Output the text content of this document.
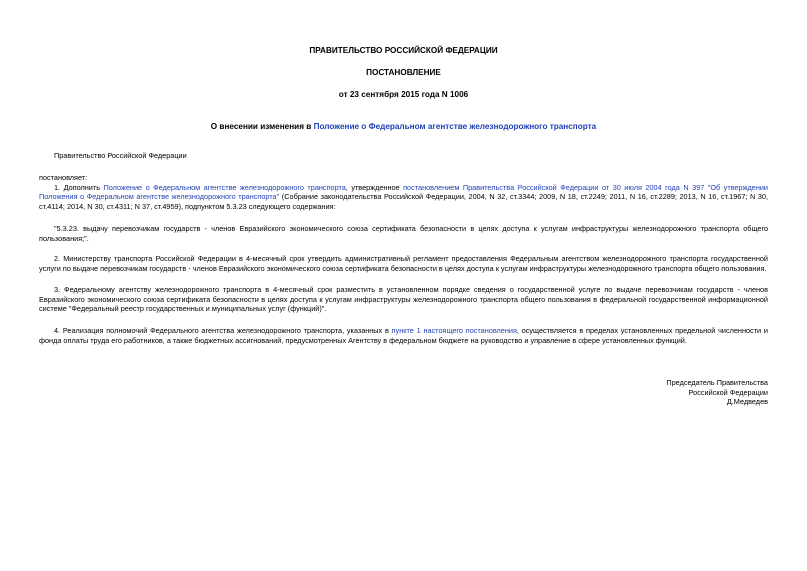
ПРАВИТЕЛЬСТВО РОССИЙСКОЙ ФЕДЕРАЦИИ
ПОСТАНОВЛЕНИЕ
от 23 сентября 2015 года N 1006
О внесении изменения в Положение о Федеральном агентстве железнодорожного транспорта

Правительство Российской Федерации

постановляет:

1. Дополнить Положение о Федеральном агентстве железнодорожного транспорта, утвержденное постановлением Правительства Российской Федерации от 30 июля 2004 года N 397 "Об утверждении Положения о Федеральном агентстве железнодорожного транспорта" (Собрание законодательства Российской Федерации, 2004, N 32, ст.3344; 2009, N 18, ст.2249; 2011, N 16, ст.2289; 2013, N 16, ст.1967; N 30, ст.4114; 2014, N 30, ст.4311; N 37, ст.4959), подпунктом 5.3.23 следующего содержания:

"5.3.23. выдачу перевозчикам государств - членов Евразийского экономического союза сертификата безопасности в целях доступа к услугам инфраструктуры железнодорожного транспорта общего пользования;".

2. Министерству транспорта Российской Федерации в 4-месячный срок утвердить административный регламент предоставления Федеральным агентством железнодорожного транспорта государственной услуги по выдаче перевозчикам государств - членов Евразийского экономического союза сертификата безопасности в целях доступа к услугам инфраструктуры железнодорожного транспорта общего пользования.

3. Федеральному агентству железнодорожного транспорта в 4-месячный срок разместить в установленном порядке сведения о государственной услуге по выдаче перевозчикам государств - членов Евразийского экономического союза сертификата безопасности в целях доступа к услугам инфраструктуры железнодорожного транспорта общего пользования в федеральной государственной информационной системе "Федеральный реестр государственных и муниципальных услуг (функций)".

4. Реализация полномочий Федерального агентства железнодорожного транспорта, указанных в пункте 1 настоящего постановления, осуществляется в пределах установленных предельной численности и фонда оплаты труда его работников, а также бюджетных ассигнований, предусмотренных Агентству в федеральном бюджете на руководство и управление в сфере установленных функций.

Председатель Правительства
Российской Федерации
Д.Медведев
